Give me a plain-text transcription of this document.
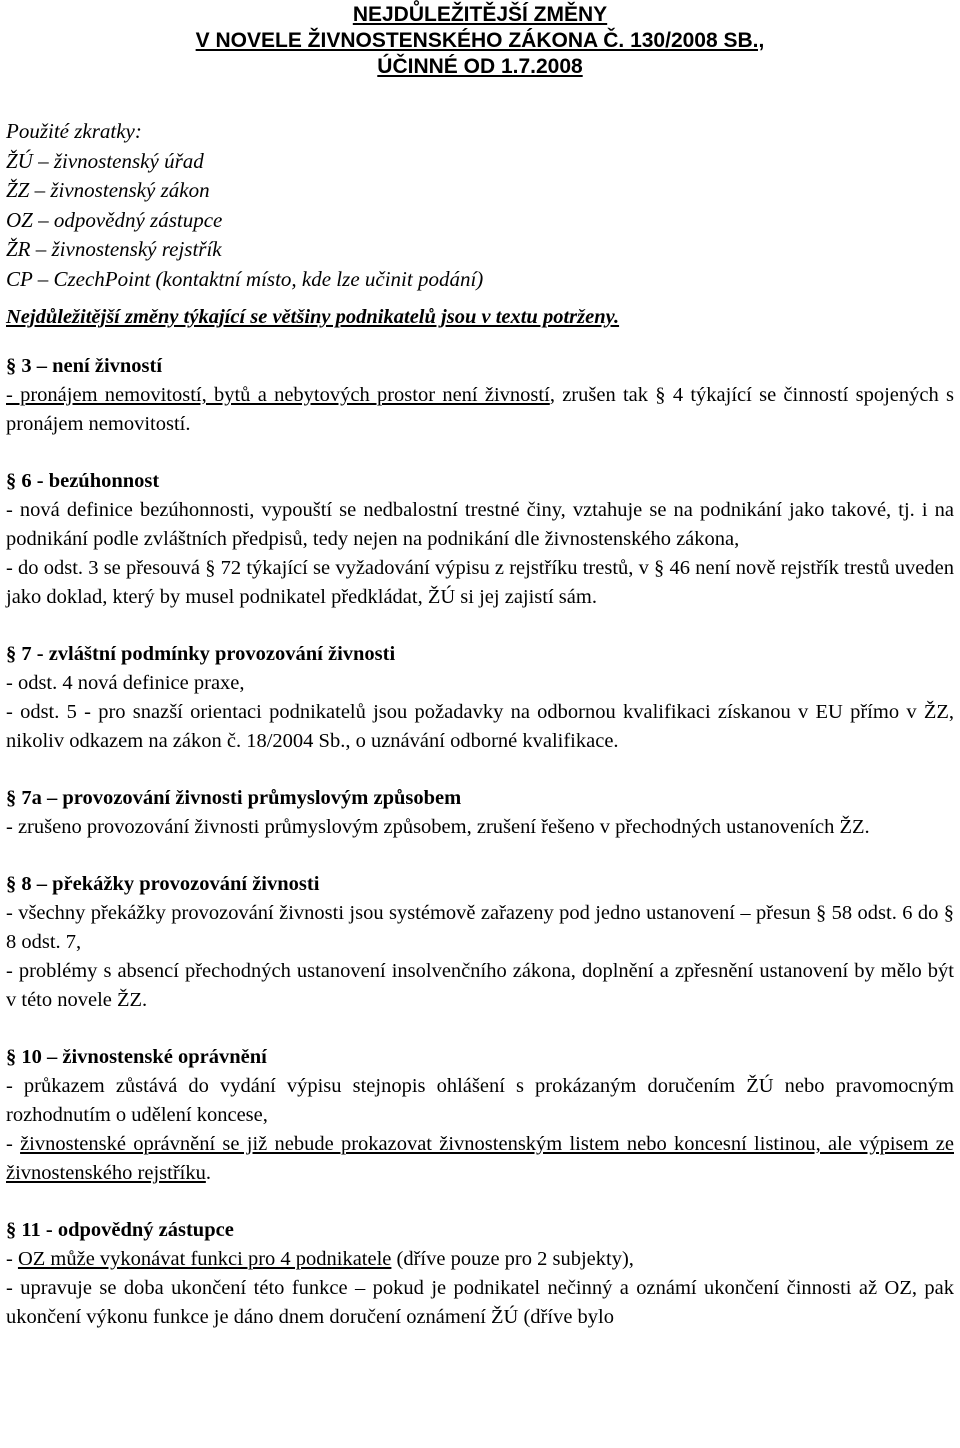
NEJDŮLEŽITĚJŠÍ ZMĚNY

V NOVELE ŽIVNOSTENSKÉHO ZÁKONA Č. 130/2008 SB.,

ÚČINNÉ OD 1.7.2008

Použité zkratky:
ŽÚ – živnostenský úřad
ŽZ – živnostenský zákon
OZ – odpovědný zástupce
ŽR – živnostenský rejstřík
CP – CzechPoint (kontaktní místo, kde lze učinit podání)

Nejdůležitější změny týkající se většiny podnikatelů jsou v textu potrženy.

§ 3 – není živností

- pronájem nemovitostí, bytů a nebytových prostor není živností, zrušen tak § 4 týkající se činností spojených s pronájem nemovitostí.

§ 6 - bezúhonnost

- nová definice bezúhonnosti, vypouští se nedbalostní trestné činy, vztahuje se na podnikání jako takové, tj. i na podnikání podle zvláštních předpisů, tedy nejen na podnikání dle živnostenského zákona,

- do odst. 3 se přesouvá § 72 týkající se vyžadování výpisu z rejstříku trestů, v § 46 není nově rejstřík trestů uveden jako doklad, který by musel podnikatel předkládat, ŽÚ si jej zajistí sám.

§ 7 - zvláštní podmínky provozování živnosti

- odst. 4 nová definice praxe,

- odst. 5 - pro snazší orientaci podnikatelů jsou požadavky na odbornou kvalifikaci získanou v EU přímo v ŽZ, nikoliv odkazem na zákon č. 18/2004 Sb., o uznávání odborné kvalifikace.

§ 7a – provozování živnosti průmyslovým způsobem

- zrušeno provozování živnosti průmyslovým způsobem, zrušení řešeno v přechodných ustanoveních ŽZ.

§ 8 – překážky provozování živnosti

- všechny překážky provozování živnosti jsou systémově zařazeny pod jedno ustanovení – přesun § 58 odst. 6 do § 8 odst. 7,

- problémy s absencí přechodných ustanovení insolvenčního zákona, doplnění a zpřesnění ustanovení by mělo být v této novele ŽZ.

§ 10 – živnostenské oprávnění

- průkazem zůstává do vydání výpisu stejnopis ohlášení s prokázaným doručením ŽÚ nebo pravomocným rozhodnutím o udělení koncese,

- živnostenské oprávnění se již nebude prokazovat živnostenským listem nebo koncesní listinou, ale výpisem ze živnostenského rejstříku.

§ 11 - odpovědný zástupce

- OZ může vykonávat funkci pro 4 podnikatele (dříve pouze pro 2 subjekty),

- upravuje se doba ukončení této funkce – pokud je podnikatel nečinný a oznámí ukončení činnosti až OZ, pak ukončení výkonu funkce je dáno dnem doručení oznámení ŽÚ (dříve bylo
